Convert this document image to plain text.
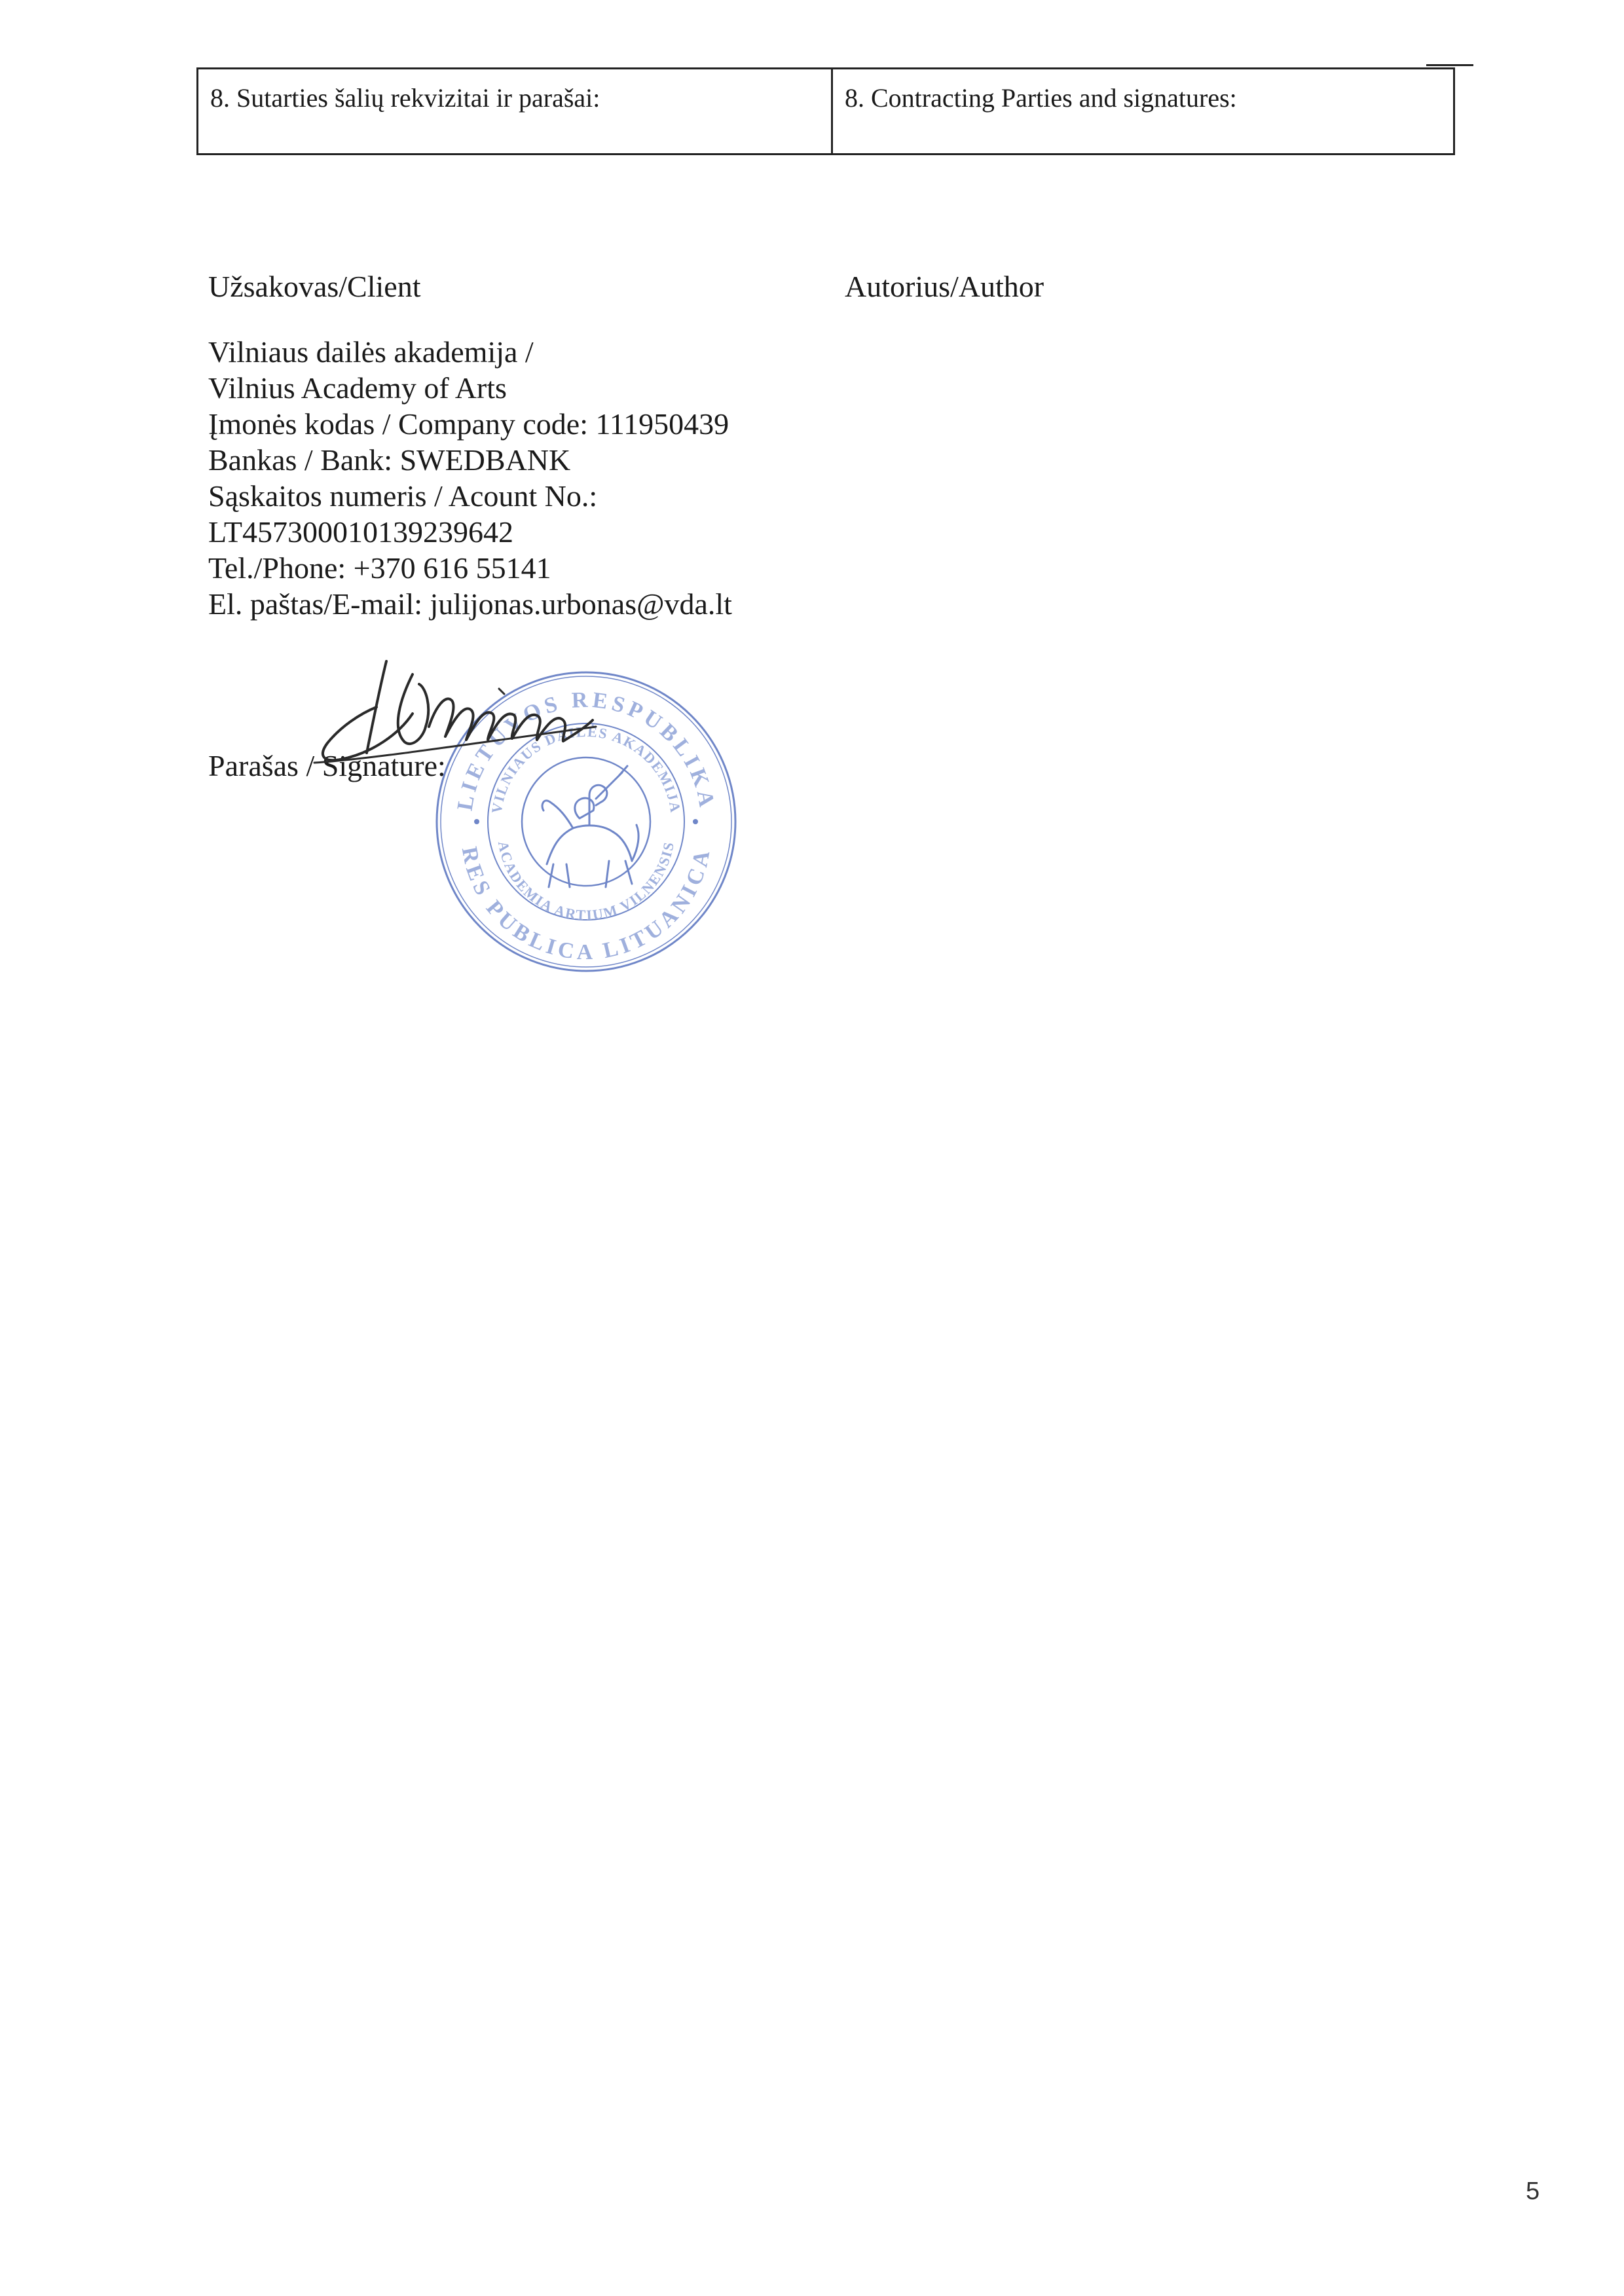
8. Sutarties šalių rekvizitai ir parašai:	8. Contracting Parties and signatures:
Užsakovas/Client
Vilniaus dailės akademija /
Vilnius Academy of Arts
Įmonės kodas / Company code: 111950439
Bankas / Bank: SWEDBANK
Sąskaitos numeris / Acount No.:
LT457300010139239642
Tel./Phone: +370 616 55141
El. paštas/E-mail: julijonas.urbonas@vda.lt
Autorius/Author
Parašas / Signature:
LIETUVOS RESPUBLIKA
VILNIAUS DAILĖS AKADEMIJA
ACADEMIA ARTIUM VILNENSIS
RES PUBLICA LITUANICA
5
